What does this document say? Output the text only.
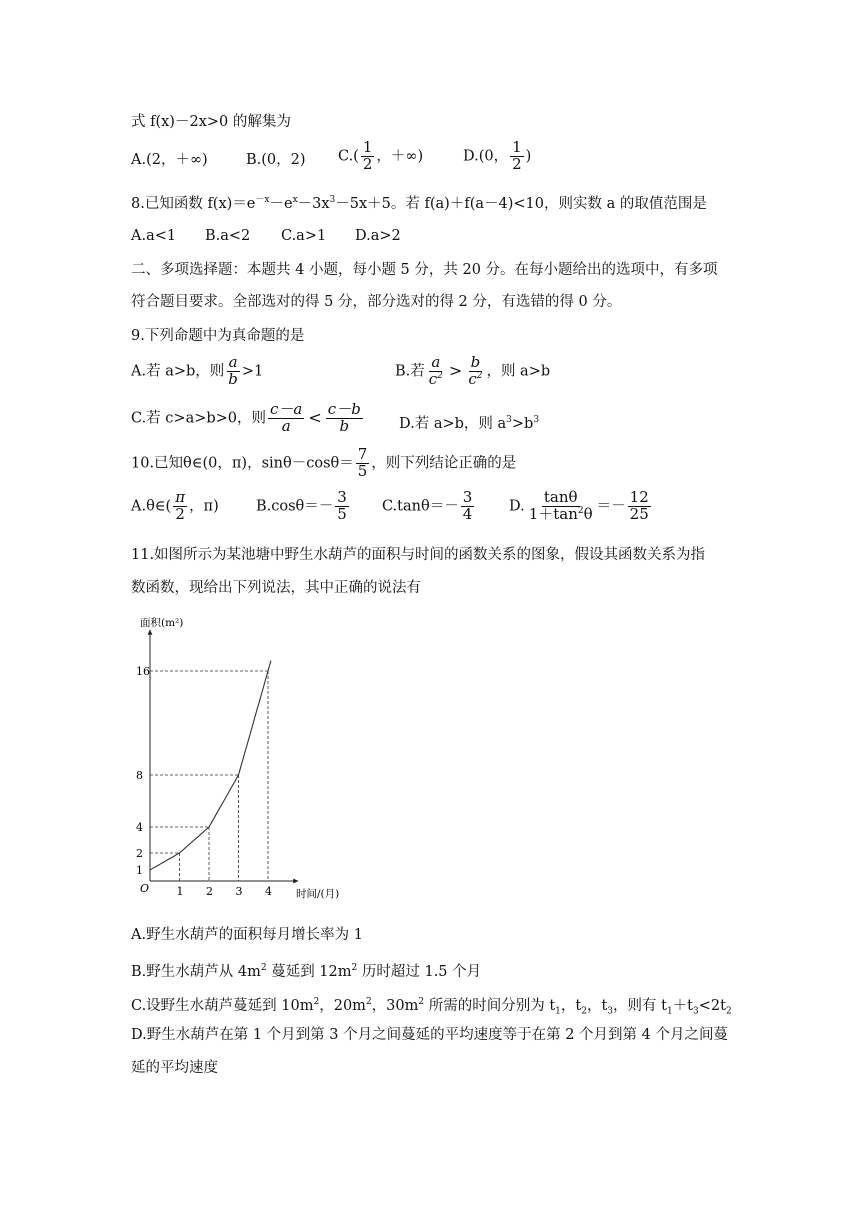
式 f(x)－2x>0 的解集为
A.(2，＋∞)	B.(0，2) $C.( \frac{1}{2}$ ，＋∞)	D.(0， $\frac{1}{2}$ )
8.已知函数 $f(x)=e^{-x}-e^x-3x^3-5x+5$。若 f(a)＋f(a－4)<10，则实数 a 的取值范围是
A.a<1 B.a<2 C.a>1 D.a>2
二、多项选择题：本题共 4 小题，每小题 5 分，共 20 分。在每小题给出的选项中，有多项
符合题目要求。全部选对的得 5 分，部分选对的得 2 分，有选错的得 0 分。
9.下列命题中为真命题的是
A.若 a>b，则 $\frac{a}{b} >1$	B.若 $\frac{a}{c^2} > \frac{b}{c^2}$ ，则 a>b
C.若 c>a>b>0，则 $\frac{c-a}{a} < \frac{c-b}{b} D$.若 a>b，则 $a^3>b^3$
10.已知θ∈(0，π)，$\sin\theta-\cos\theta= \frac{7}{5}$ ，则下列结论正确的是
A.θ∈( $\frac{\pi}{2}$ ，π)	$B.\cos\theta=- \frac{3}{5} C.\tan\theta=- \frac{3}{4} D$. $\frac{\tan\theta}{1+\tan^2\theta} =- \frac{12}{25}$
11.如图所示为某池塘中野生水葫芦的面积与时间的函数关系的图象，假设其函数关系为指
数函数，现给出下列说法，其中正确的说法有
面积(m²)
时间/(月)
O
1
2
4
8
16
1 2 3 4
A.野生水葫芦的面积每月增长率为 1
B.野生水葫芦从 $4m^2$ 蔓延到 $12m^2$ 历时超过 1.5 个月
C.设野生水葫芦蔓延到 $10m^2$，$20m^2$，$30m^2$ 所需的时间分别为 $t_1$，$t_2$，$t_3$，则有 $t_1+t_3<2t_2$
D.野生水葫芦在第 1 个月到第 3 个月之间蔓延的平均速度等于在第 2 个月到第 4 个月之间蔓
延的平均速度
